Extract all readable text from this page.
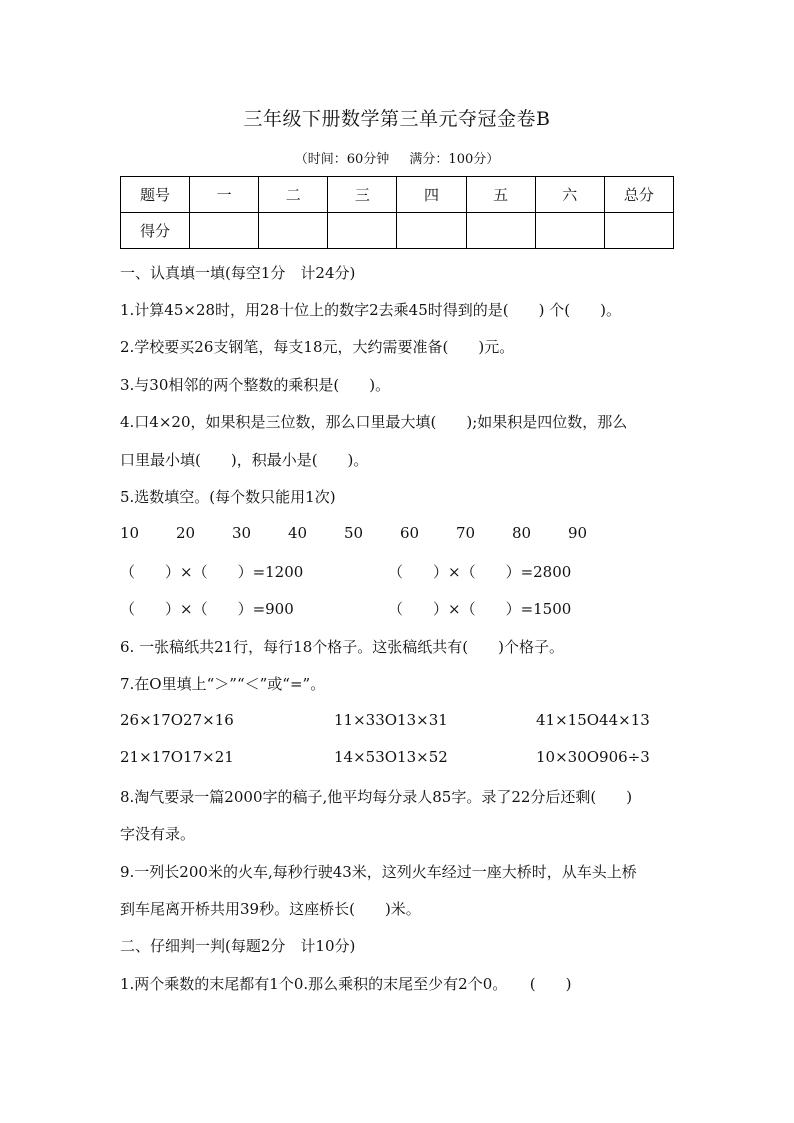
三年级下册数学第三单元夺冠金卷B
（时间：60分钟 满分：100分）
题号	一	二	三	四	五	六	总分
得分							
一、认真填一填(每空1分　计24分)
1.计算45×28时，用28十位上的数字2去乘45时得到的是(　　) 个(　　)。
2.学校要买26支钢笔，每支18元，大约需要准备(　　)元。
3.与30相邻的两个整数的乘积是(　　)。
4.口4×20，如果积是三位数，那么口里最大填(　　);如果积是四位数，那么
口里最小填(　　)，积最小是(　　)。
5.选数填空。(每个数只能用1次)
10 20 30 40 50 60 70 80 90
（　　）×（　　）=1200	（　　）×（　　）=2800
（　　）×（　　）=900	（　　）×（　　）=1500
6. 一张稿纸共21行，每行18个格子。这张稿纸共有(　　)个格子。
7.在O里填上“＞”“＜”或“=”。
26×17O27×16	11×33O13×31	41×15O44×13
21×17O17×21	14×53O13×52	10×30O906÷3
8.淘气要录一篇2000字的稿子,他平均每分录人85字。录了22分后还剩(　　)
字没有录。
9.一列长200米的火车,每秒行驶43米，这列火车经过一座大桥时，从车头上桥
到车尾离开桥共用39秒。这座桥长(　　)米。
二、仔细判一判(每题2分　计10分)
1.两个乘数的末尾都有1个0.那么乘积的末尾至少有2个0。　　(　　)
